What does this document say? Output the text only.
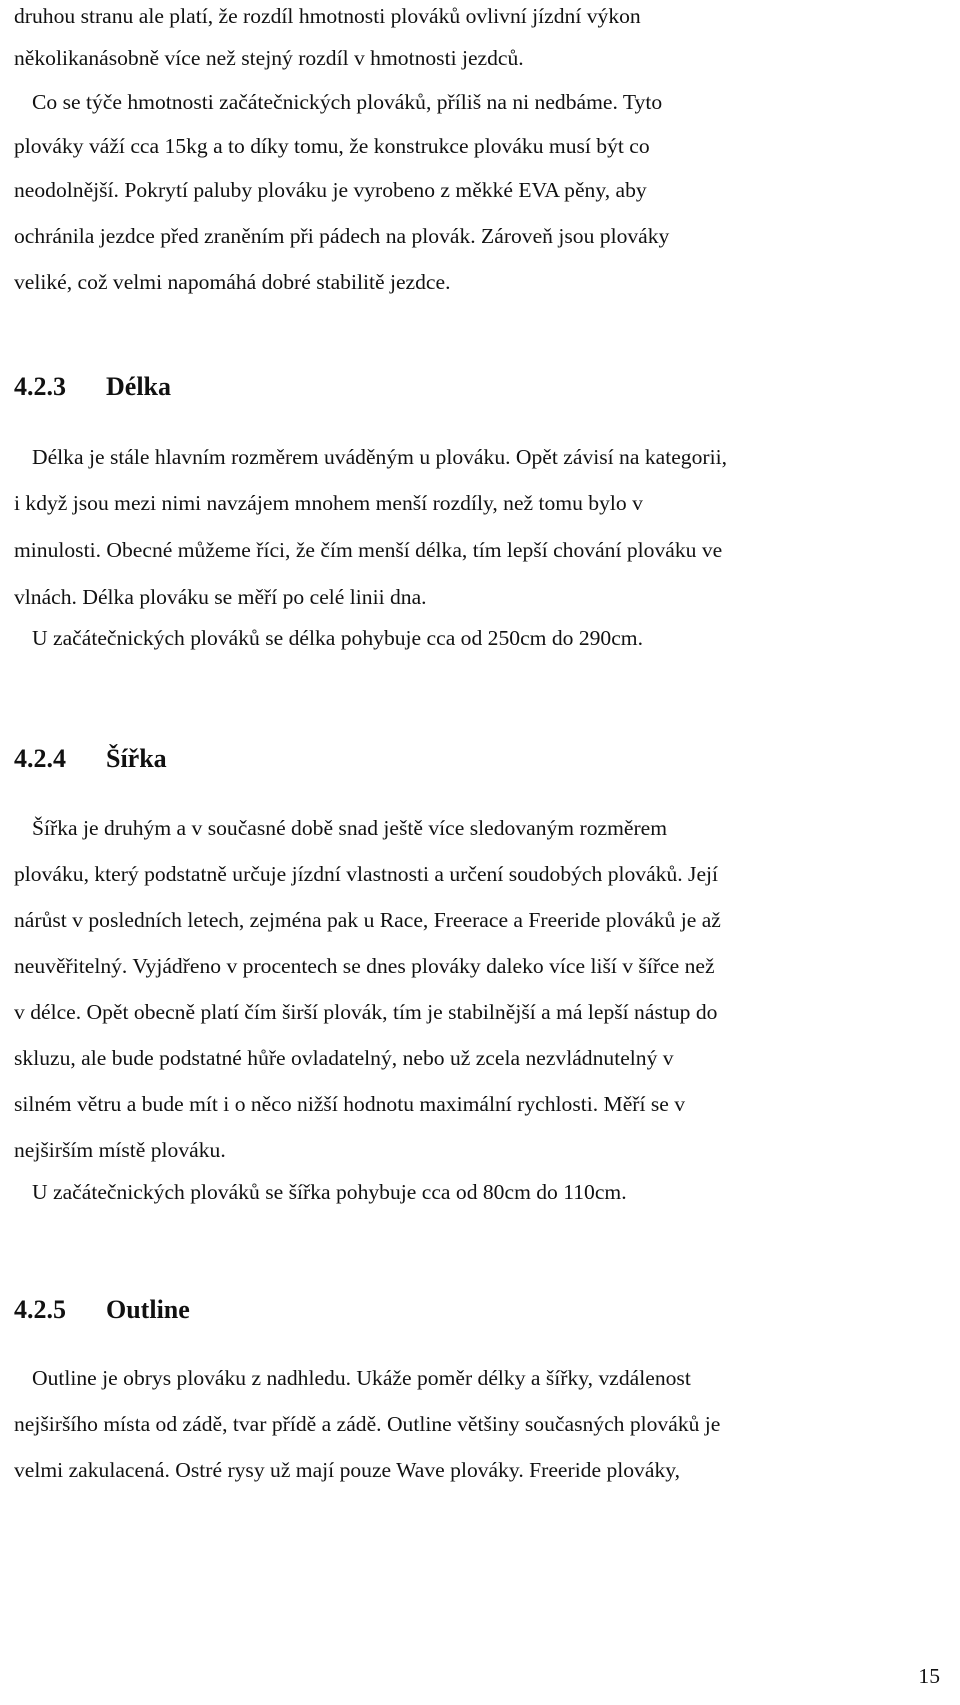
druhou stranu ale platí, že rozdíl hmotnosti plováků ovlivní jízdní výkon
několikanásobně více než stejný rozdíl v hmotnosti jezdců.
Co se týče hmotnosti začátečnických plováků, příliš na ni nedbáme. Tyto
plováky váží cca 15kg a to díky tomu, že konstrukce plováku musí být co
neodolnější. Pokrytí paluby plováku je vyrobeno z měkké EVA pěny, aby
ochránila jezdce před zraněním při pádech na plovák. Zároveň jsou plováky
veliké, což velmi napomáhá dobré stabilitě jezdce.
4.2.3 Délka
Délka je stále hlavním rozměrem uváděným u plováku. Opět závisí na kategorii,
i když jsou mezi nimi navzájem mnohem menší rozdíly, než tomu bylo v
minulosti. Obecné můžeme říci, že čím menší délka, tím lepší chování plováku ve
vlnách. Délka plováku se měří po celé linii dna.
U začátečnických plováků se délka pohybuje cca od 250cm do 290cm.
4.2.4 Šířka
Šířka je druhým a v současné době snad ještě více sledovaným rozměrem
plováku, který podstatně určuje jízdní vlastnosti a určení soudobých plováků. Její
nárůst v posledních letech, zejména pak u Race, Freerace a Freeride plováků je až
neuvěřitelný. Vyjádřeno v procentech se dnes plováky daleko více liší v šířce než
v délce. Opět obecně platí čím širší plovák, tím je stabilnější a má lepší nástup do
skluzu, ale bude podstatné hůře ovladatelný, nebo už zcela nezvládnutelný v
silném větru a bude mít i o něco nižší hodnotu maximální rychlosti. Měří se v
nejširším místě plováku.
U začátečnických plováků se šířka pohybuje cca od 80cm do 110cm.
4.2.5 Outline
Outline je obrys plováku z nadhledu. Ukáže poměr délky a šířky, vzdálenost
nejširšího místa od zádě, tvar přídě a zádě. Outline většiny současných plováků je
velmi zakulacená. Ostré rysy už mají pouze Wave plováky. Freeride plováky,
15
